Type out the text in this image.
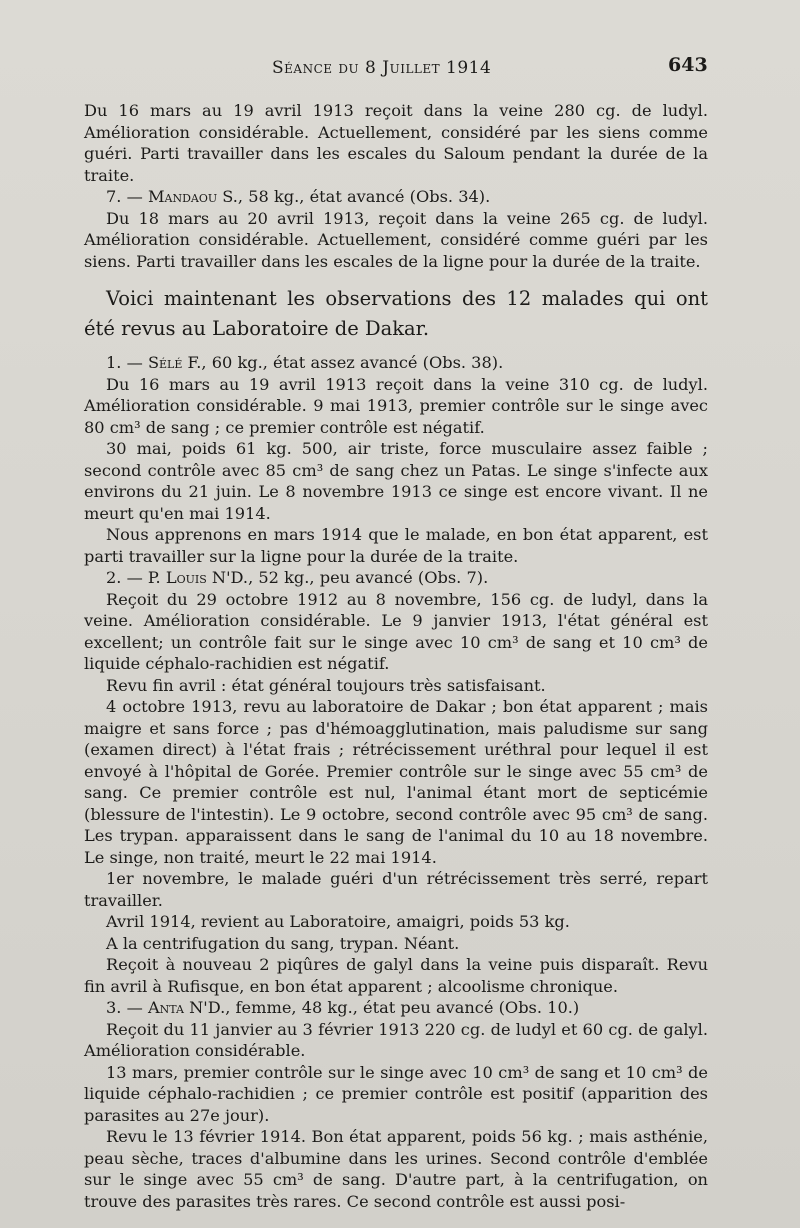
Séance du 8 Juillet 1914	643

Du 16 mars au 19 avril 1913 reçoit dans la veine 280 cg. de ludyl. Amélioration considérable. Actuellement, considéré par les siens comme guéri. Parti travailler dans les escales du Saloum pendant la durée de la traite.

7. — Mandaou S., 58 kg., état avancé (Obs. 34).

Du 18 mars au 20 avril 1913, reçoit dans la veine 265 cg. de ludyl. Amélioration considérable. Actuellement, considéré comme guéri par les siens. Parti travailler dans les escales de la ligne pour la durée de la traite.

Voici maintenant les observations des 12 malades qui ont été revus au Laboratoire de Dakar.

1. — Sélé F., 60 kg., état assez avancé (Obs. 38).

Du 16 mars au 19 avril 1913 reçoit dans la veine 310 cg. de ludyl. Amélioration considérable. 9 mai 1913, premier contrôle sur le singe avec 80 cm³ de sang ; ce premier contrôle est négatif.

30 mai, poids 61 kg. 500, air triste, force musculaire assez faible ; second contrôle avec 85 cm³ de sang chez un Patas. Le singe s'infecte aux environs du 21 juin. Le 8 novembre 1913 ce singe est encore vivant. Il ne meurt qu'en mai 1914.

Nous apprenons en mars 1914 que le malade, en bon état apparent, est parti travailler sur la ligne pour la durée de la traite.

2. — P. Louis N'D., 52 kg., peu avancé (Obs. 7).

Reçoit du 29 octobre 1912 au 8 novembre, 156 cg. de ludyl, dans la veine. Amélioration considérable. Le 9 janvier 1913, l'état général est excellent; un contrôle fait sur le singe avec 10 cm³ de sang et 10 cm³ de liquide céphalo-rachidien est négatif.

Revu fin avril : état général toujours très satisfaisant.

4 octobre 1913, revu au laboratoire de Dakar ; bon état apparent ; mais maigre et sans force ; pas d'hémoagglutination, mais paludisme sur sang (examen direct) à l'état frais ; rétrécissement uréthral pour lequel il est envoyé à l'hôpital de Gorée. Premier contrôle sur le singe avec 55 cm³ de sang. Ce premier contrôle est nul, l'animal étant mort de septicémie (blessure de l'intestin). Le 9 octobre, second contrôle avec 95 cm³ de sang. Les trypan. apparaissent dans le sang de l'animal du 10 au 18 novembre. Le singe, non traité, meurt le 22 mai 1914.

1er novembre, le malade guéri d'un rétrécissement très serré, repart travailler.

Avril 1914, revient au Laboratoire, amaigri, poids 53 kg.

A la centrifugation du sang, trypan. Néant.

Reçoit à nouveau 2 piqûres de galyl dans la veine puis disparaît. Revu fin avril à Rufisque, en bon état apparent ; alcoolisme chronique.

3. — Anta N'D., femme, 48 kg., état peu avancé (Obs. 10.)

Reçoit du 11 janvier au 3 février 1913 220 cg. de ludyl et 60 cg. de galyl. Amélioration considérable.

13 mars, premier contrôle sur le singe avec 10 cm³ de sang et 10 cm³ de liquide céphalo-rachidien ; ce premier contrôle est positif (apparition des parasites au 27e jour).

Revu le 13 février 1914. Bon état apparent, poids 56 kg. ; mais asthénie, peau sèche, traces d'albumine dans les urines. Second contrôle d'emblée sur le singe avec 55 cm³ de sang. D'autre part, à la centrifugation, on trouve des parasites très rares. Ce second contrôle est aussi posi-
